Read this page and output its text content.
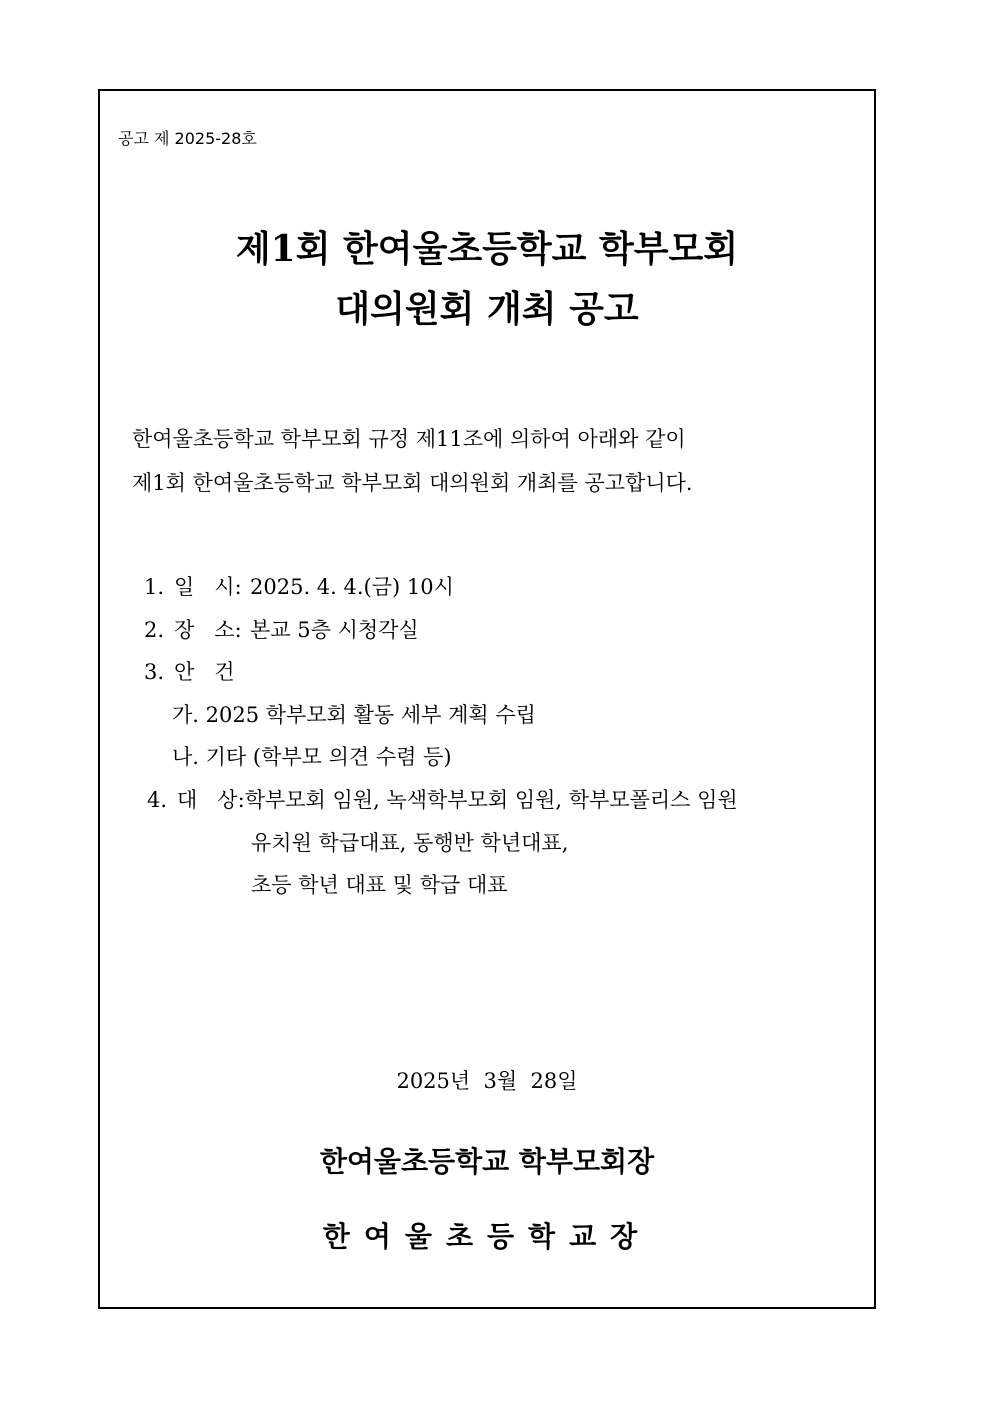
공고 제 2025-28호
제1회 한여울초등학교 학부모회
대의원회 개최 공고
한여울초등학교 학부모회 규정 제11조에 의하여 아래와 같이
제1회 한여울초등학교 학부모회 대의원회 개최를 공고합니다.
1. 일   시: 2025. 4. 4.(금) 10시
2. 장   소: 본교 5층 시청각실
3. 안   건
가. 2025 학부모회 활동 세부 계획 수립
나. 기타 (학부모 의견 수렴 등)
4. 대   상:학부모회 임원, 녹색학부모회 임원, 학부모폴리스 임원
유치원 학급대표, 동행반 학년대표,
초등 학년 대표 및 학급 대표
2025년  3월  28일
한여울초등학교 학부모회장
한여울초등학교장
